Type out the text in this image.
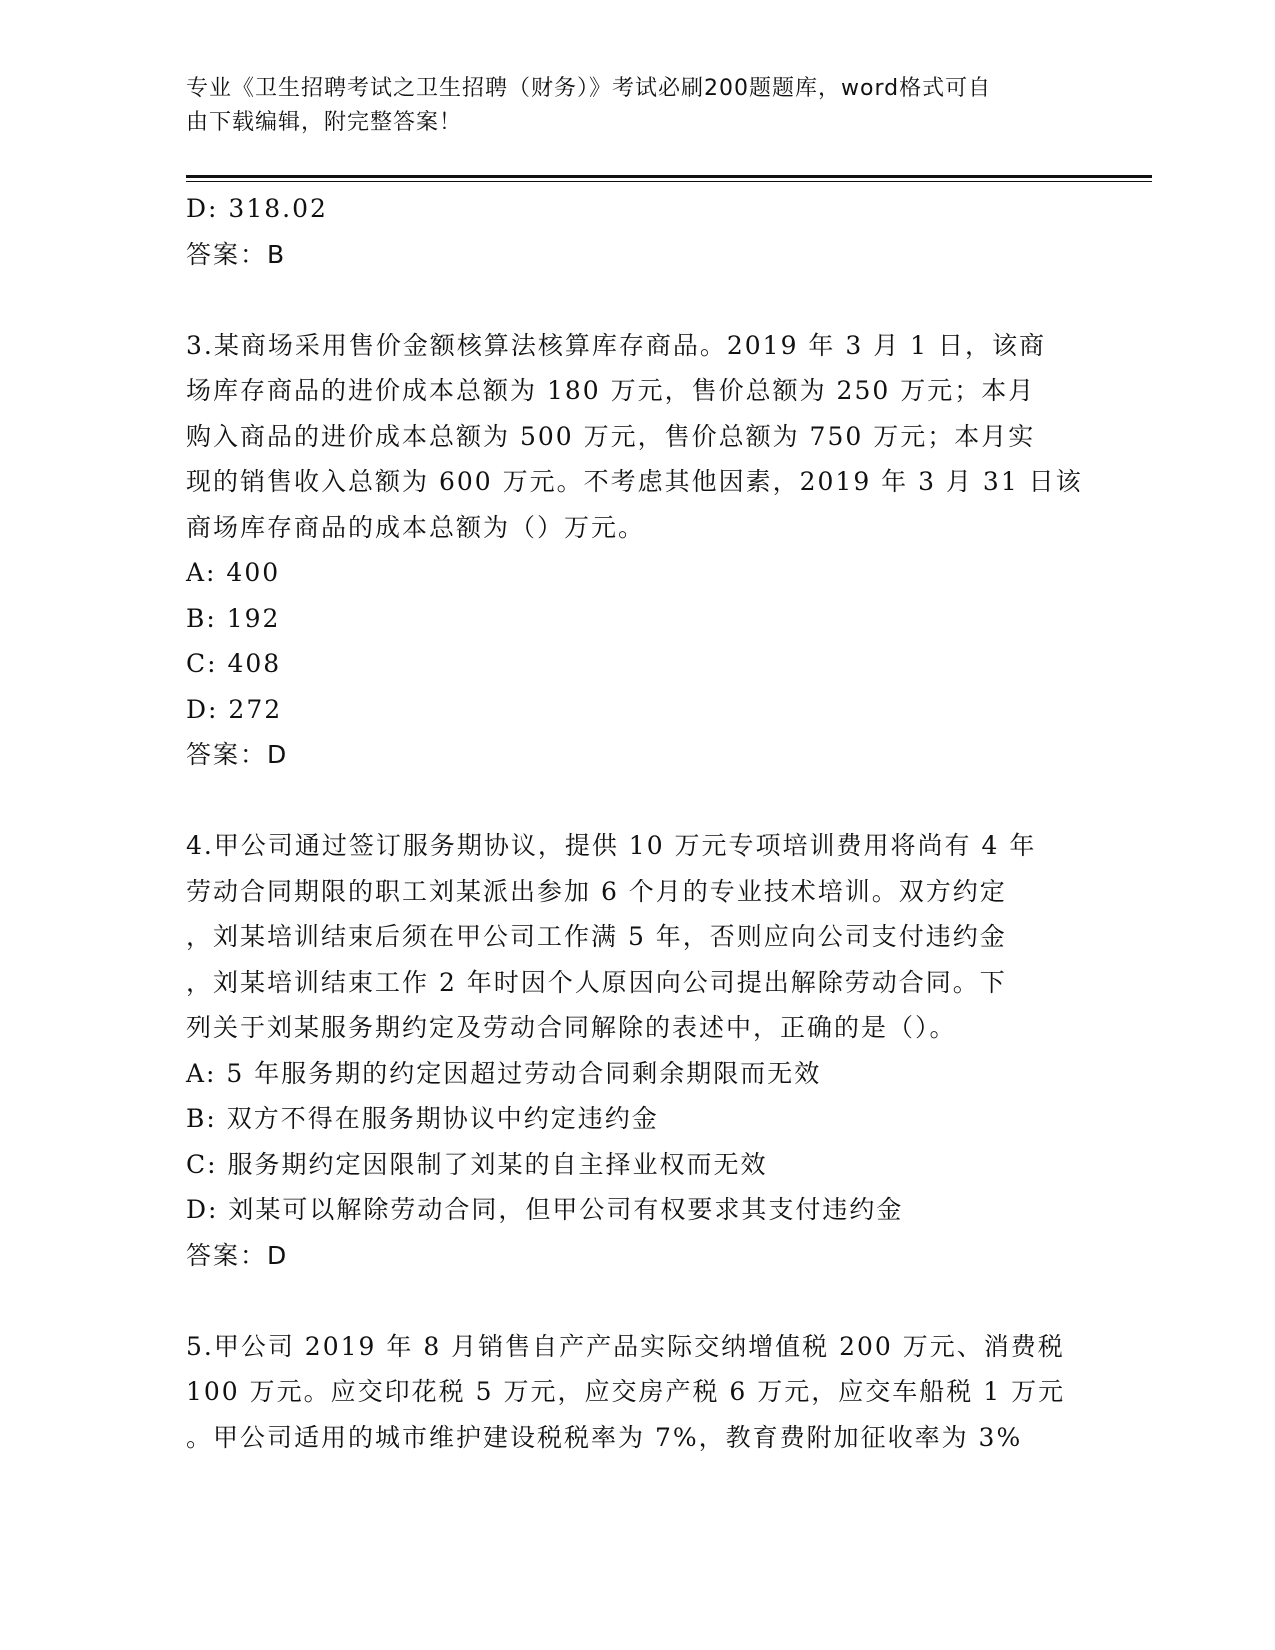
专业《卫生招聘考试之卫生招聘（财务）》考试必刷200题题库，word格式可自
由下载编辑，附完整答案！
D: 318.02
答案：B
3.某商场采用售价金额核算法核算库存商品。2019 年 3 月 1 日，该商
场库存商品的进价成本总额为 180 万元，售价总额为 250 万元；本月
购入商品的进价成本总额为 500 万元，售价总额为 750 万元；本月实
现的销售收入总额为 600 万元。不考虑其他因素，2019 年 3 月 31 日该
商场库存商品的成本总额为（）万元。
A: 400
B: 192
C: 408
D: 272
答案：D
4.甲公司通过签订服务期协议，提供 10 万元专项培训费用将尚有 4 年
劳动合同期限的职工刘某派出参加 6 个月的专业技术培训。双方约定
，刘某培训结束后须在甲公司工作满 5 年，否则应向公司支付违约金
，刘某培训结束工作 2 年时因个人原因向公司提出解除劳动合同。下
列关于刘某服务期约定及劳动合同解除的表述中，正确的是（）。
A: 5 年服务期的约定因超过劳动合同剩余期限而无效
B: 双方不得在服务期协议中约定违约金
C: 服务期约定因限制了刘某的自主择业权而无效
D: 刘某可以解除劳动合同，但甲公司有权要求其支付违约金
答案：D
5.甲公司 2019 年 8 月销售自产产品实际交纳增值税 200 万元、消费税
100 万元。应交印花税 5 万元，应交房产税 6 万元，应交车船税 1 万元
。甲公司适用的城市维护建设税税率为 7%，教育费附加征收率为 3%
